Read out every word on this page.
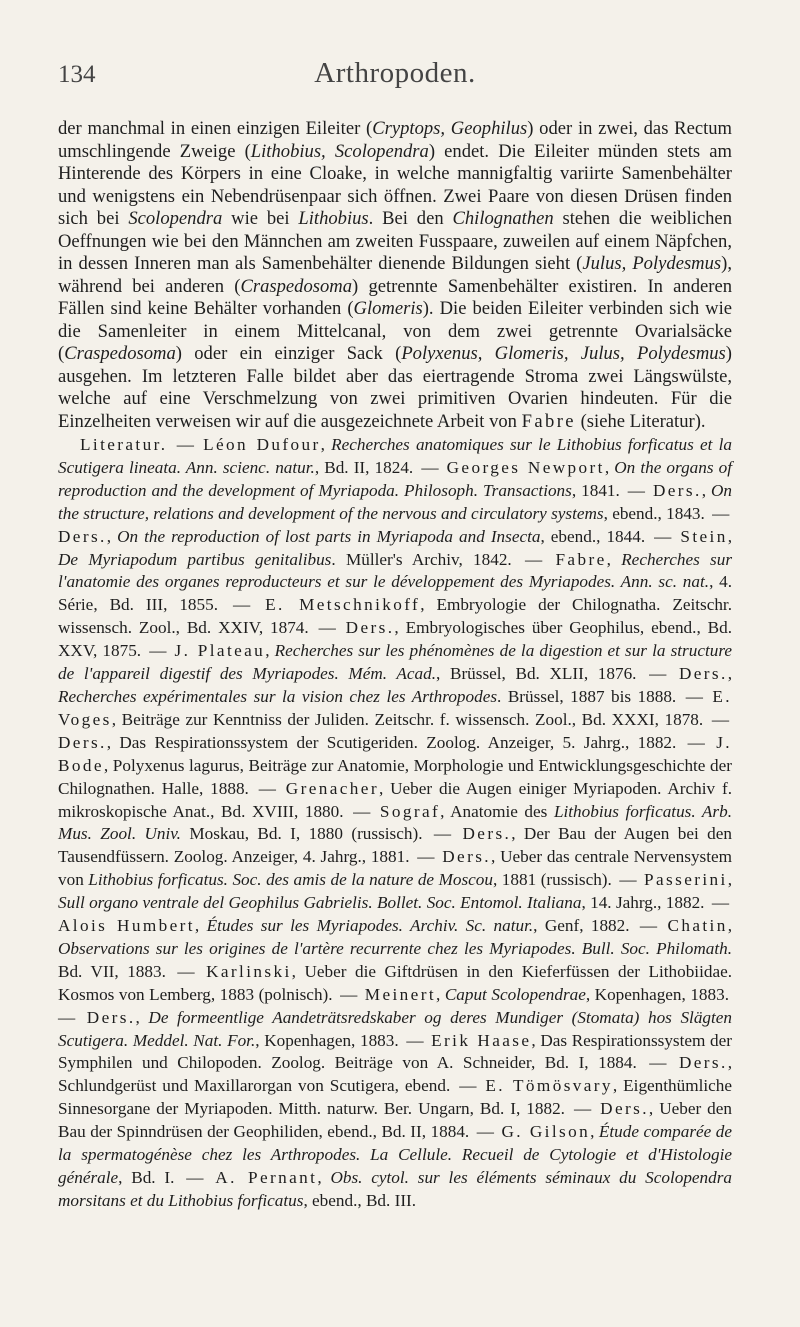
134	Arthropoden.

der manchmal in einen einzigen Eileiter (Cryptops, Geophilus) oder in zwei, das Rectum umschlingende Zweige (Lithobius, Scolopendra) endet. Die Eileiter münden stets am Hinterende des Körpers in eine Cloake, in welche mannigfaltig variirte Samenbehälter und wenigstens ein Nebendrüsenpaar sich öffnen. Zwei Paare von diesen Drüsen finden sich bei Scolopendra wie bei Lithobius. Bei den Chilognathen stehen die weiblichen Oeffnungen wie bei den Männchen am zweiten Fusspaare, zuweilen auf einem Näpfchen, in dessen Inneren man als Samenbehälter dienende Bildungen sieht (Julus, Polydesmus), während bei anderen (Craspedosoma) getrennte Samenbehälter existiren. In anderen Fällen sind keine Behälter vorhanden (Glomeris). Die beiden Eileiter verbinden sich wie die Samenleiter in einem Mittelcanal, von dem zwei getrennte Ovarialsäcke (Craspedosoma) oder ein einziger Sack (Polyxenus, Glomeris, Julus, Polydesmus) ausgehen. Im letzteren Falle bildet aber das eiertragende Stroma zwei Längswülste, welche auf eine Verschmelzung von zwei primitiven Ovarien hindeuten. Für die Einzelheiten verweisen wir auf die ausgezeichnete Arbeit von Fabre (siehe Literatur).

Literatur. — Léon Dufour, Recherches anatomiques sur le Lithobius forficatus et la Scutigera lineata. Ann. scienc. natur., Bd. II, 1824. — Georges Newport, On the organs of reproduction and the development of Myriapoda. Philosoph. Transactions, 1841. — Ders., On the structure, relations and development of the nervous and circulatory systems, ebend., 1843. — Ders., On the reproduction of lost parts in Myriapoda and Insecta, ebend., 1844. — Stein, De Myriapodum partibus genitalibus. Müller's Archiv, 1842. — Fabre, Recherches sur l'anatomie des organes reproducteurs et sur le développement des Myriapodes. Ann. sc. nat., 4. Série, Bd. III, 1855. — E. Metschnikoff, Embryologie der Chilognatha. Zeitschr. wissensch. Zool., Bd. XXIV, 1874. — Ders., Embryologisches über Geophilus, ebend., Bd. XXV, 1875. — J. Plateau, Recherches sur les phénomènes de la digestion et sur la structure de l'appareil digestif des Myriapodes. Mém. Acad., Brüssel, Bd. XLII, 1876. — Ders., Recherches expérimentales sur la vision chez les Arthropodes. Brüssel, 1887 bis 1888. — E. Voges, Beiträge zur Kenntniss der Juliden. Zeitschr. f. wissensch. Zool., Bd. XXXI, 1878. — Ders., Das Respirationssystem der Scutigeriden. Zoolog. Anzeiger, 5. Jahrg., 1882. — J. Bode, Polyxenus lagurus, Beiträge zur Anatomie, Morphologie und Entwicklungsgeschichte der Chilognathen. Halle, 1888. — Grenacher, Ueber die Augen einiger Myriapoden. Archiv f. mikroskopische Anat., Bd. XVIII, 1880. — Sograf, Anatomie des Lithobius forficatus. Arb. Mus. Zool. Univ. Moskau, Bd. I, 1880 (russisch). — Ders., Der Bau der Augen bei den Tausendfüssern. Zoolog. Anzeiger, 4. Jahrg., 1881. — Ders., Ueber das centrale Nervensystem von Lithobius forficatus. Soc. des amis de la nature de Moscou, 1881 (russisch). — Passerini, Sull organo ventrale del Geophilus Gabrielis. Bollet. Soc. Entomol. Italiana, 14. Jahrg., 1882. — Alois Humbert, Études sur les Myriapodes. Archiv. Sc. natur., Genf, 1882. — Chatin, Observations sur les origines de l'artère recurrente chez les Myriapodes. Bull. Soc. Philomath. Bd. VII, 1883. — Karlinski, Ueber die Giftdrüsen in den Kieferfüssen der Lithobiidae. Kosmos von Lemberg, 1883 (polnisch). — Meinert, Caput Scolopendrae, Kopenhagen, 1883. — Ders., De formeentlige Aandeträtsredskaber og deres Mundiger (Stomata) hos Slägten Scutigera. Meddel. Nat. For., Kopenhagen, 1883. — Erik Haase, Das Respirationssystem der Symphilen und Chilopoden. Zoolog. Beiträge von A. Schneider, Bd. I, 1884. — Ders., Schlundgerüst und Maxillarorgan von Scutigera, ebend. — E. Tömösvary, Eigenthümliche Sinnesorgane der Myriapoden. Mitth. naturw. Ber. Ungarn, Bd. I, 1882. — Ders., Ueber den Bau der Spinndrüsen der Geophiliden, ebend., Bd. II, 1884. — G. Gilson, Étude comparée de la spermatogénèse chez les Arthropodes. La Cellule. Recueil de Cytologie et d'Histologie générale, Bd. I. — A. Pernant, Obs. cytol. sur les éléments séminaux du Scolopendra morsitans et du Lithobius forficatus, ebend., Bd. III.
